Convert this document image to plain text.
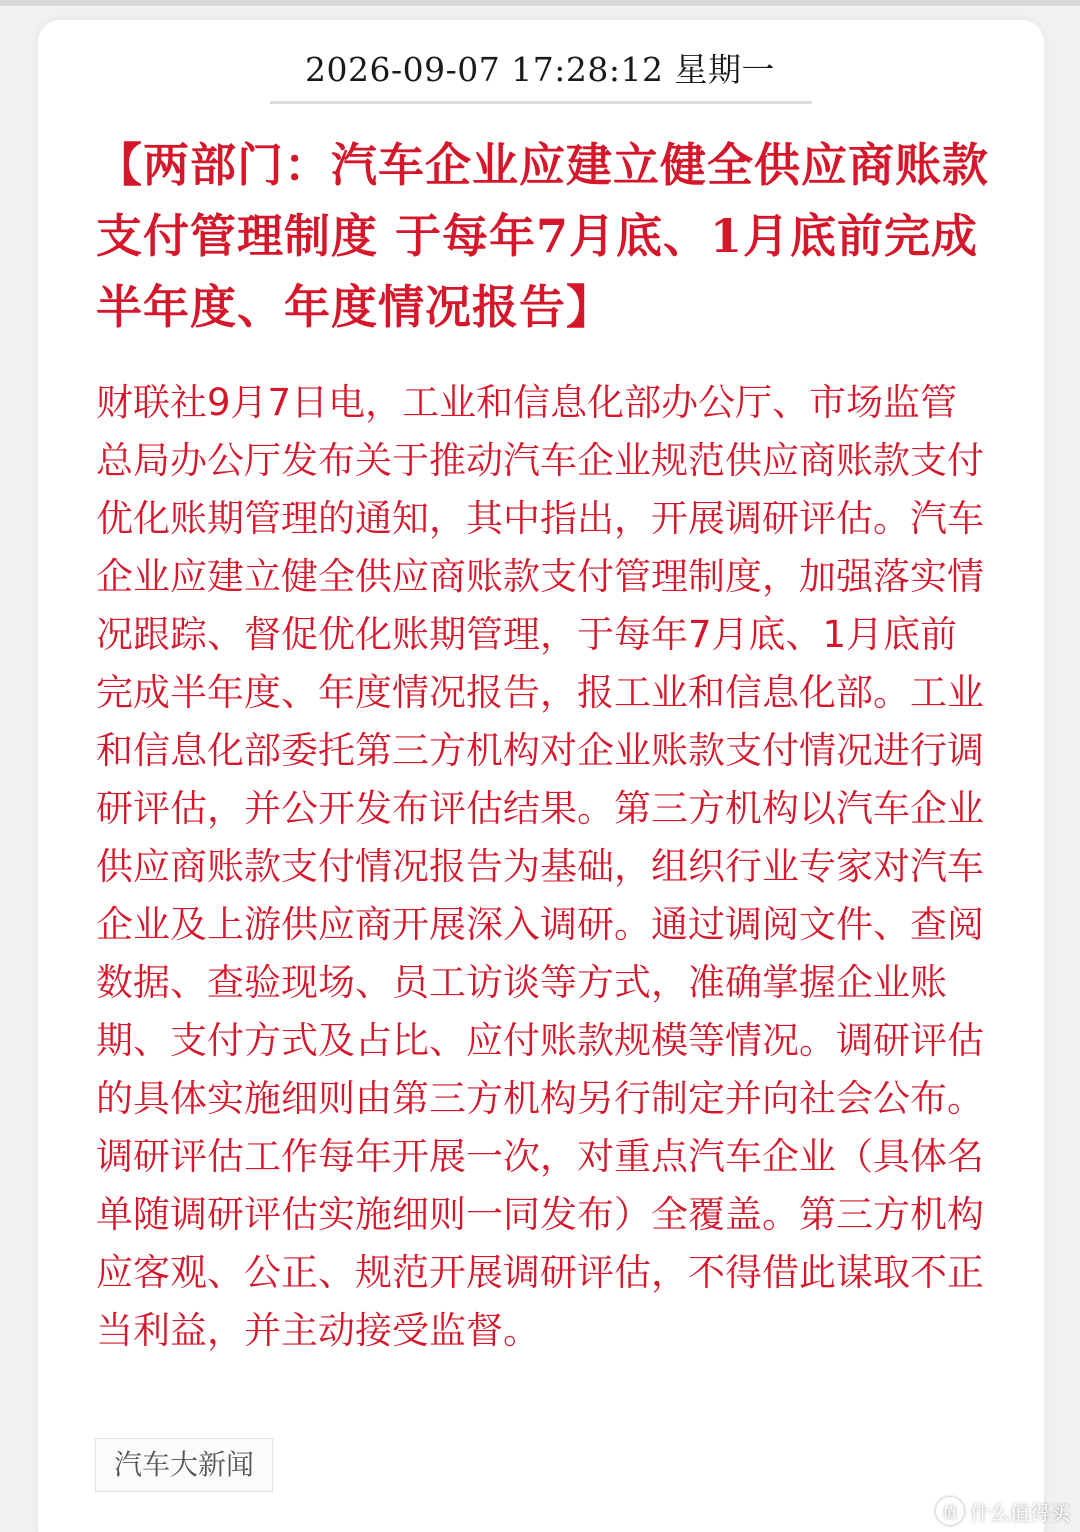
2026-09-07 17:28:12 星期一
【两部门：汽车企业应建立健全供应商账款支付管理制度 于每年7月底、1月底前完成半年度、年度情况报告】

财联社9月7日电，工业和信息化部办公厅、市场监管总局办公厅发布关于推动汽车企业规范供应商账款支付 优化账期管理的通知，其中指出，开展调研评估。汽车企业应建立健全供应商账款支付管理制度，加强落实情况跟踪、督促优化账期管理，于每年7月底、1月底前完成半年度、年度情况报告，报工业和信息化部。工业和信息化部委托第三方机构对企业账款支付情况进行调研评估，并公开发布评估结果。第三方机构以汽车企业供应商账款支付情况报告为基础，组织行业专家对汽车企业及上游供应商开展深入调研。通过调阅文件、查阅数据、查验现场、员工访谈等方式，准确掌握企业账期、支付方式及占比、应付账款规模等情况。调研评估的具体实施细则由第三方机构另行制定并向社会公布。调研评估工作每年开展一次，对重点汽车企业（具体名单随调研评估实施细则一同发布）全覆盖。第三方机构应客观、公正、规范开展调研评估，不得借此谋取不正当利益，并主动接受监督。

汽车大新闻
值 什么值得买
